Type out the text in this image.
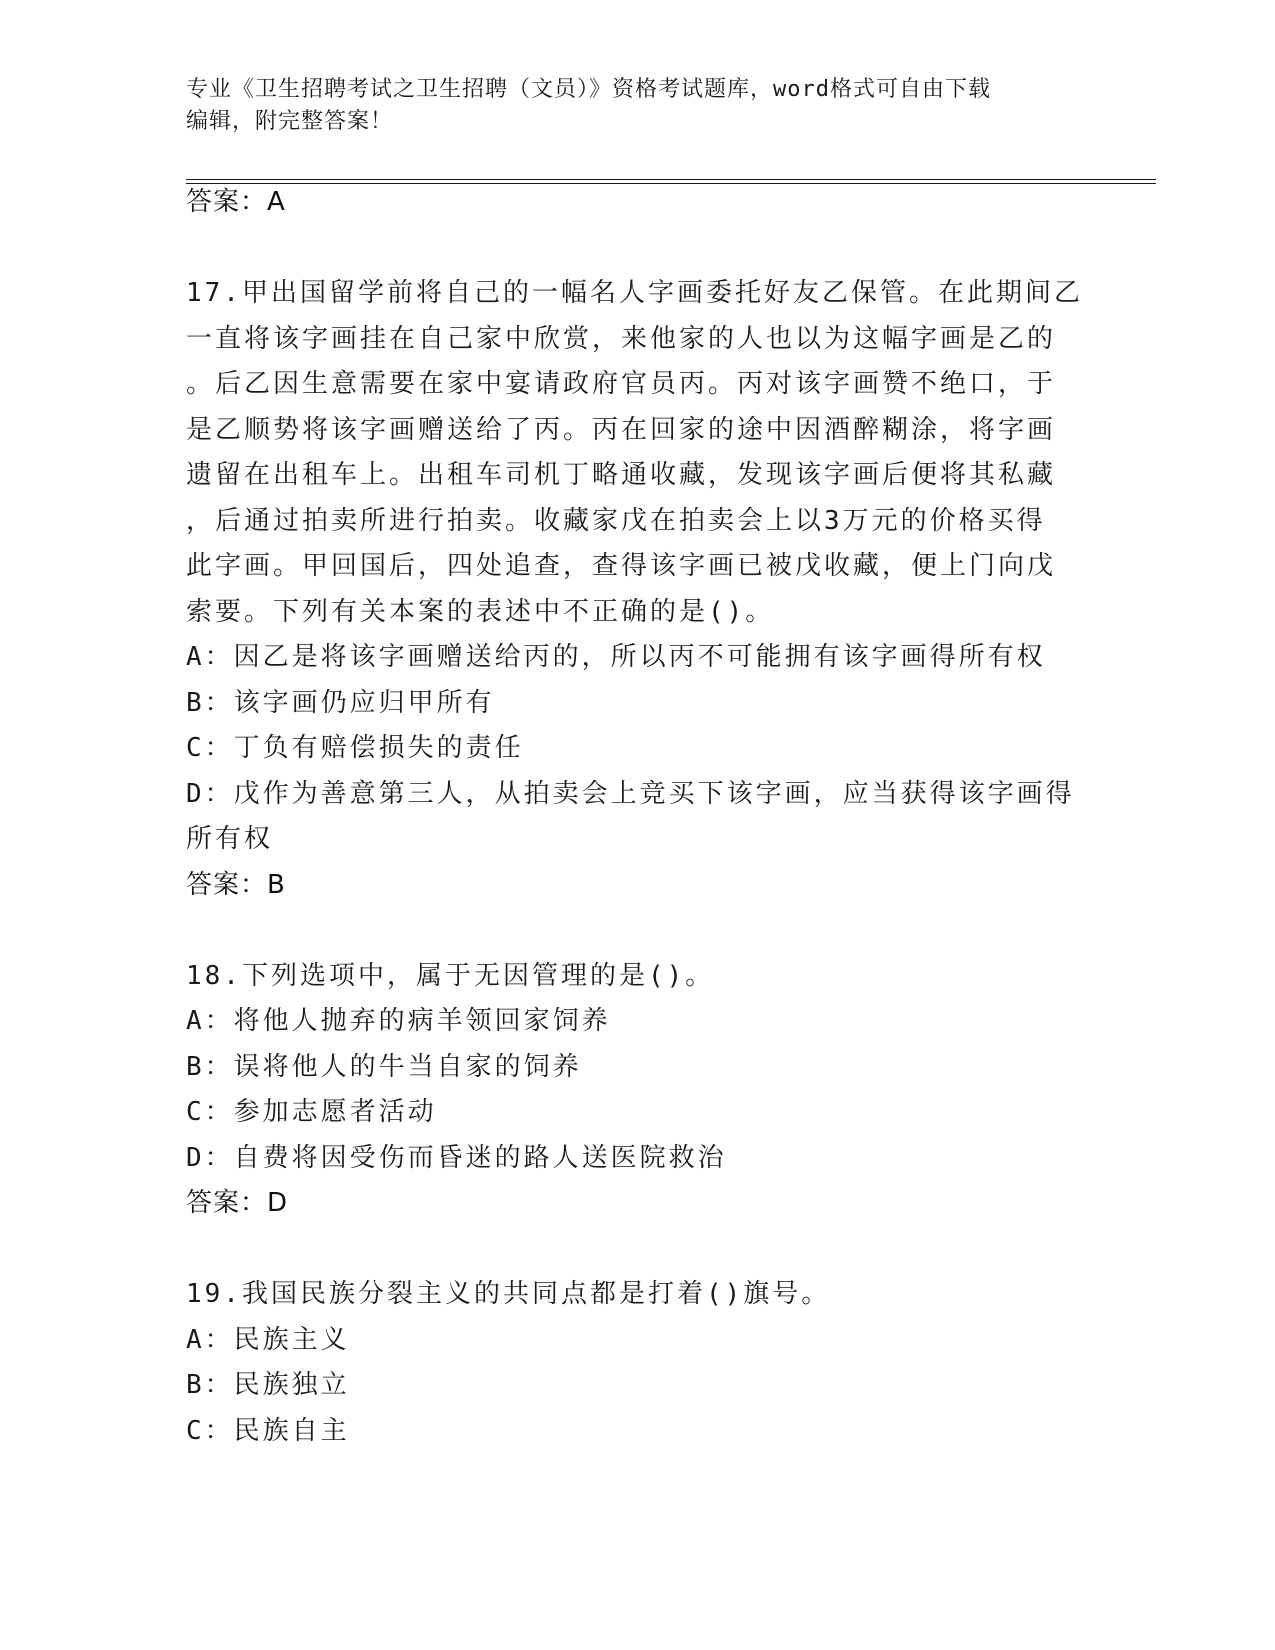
专业《卫生招聘考试之卫生招聘（文员）》资格考试题库，word格式可自由下载
编辑，附完整答案！
答案：A
17.甲出国留学前将自己的一幅名人字画委托好友乙保管。在此期间乙
一直将该字画挂在自己家中欣赏，来他家的人也以为这幅字画是乙的
。后乙因生意需要在家中宴请政府官员丙。丙对该字画赞不绝口，于
是乙顺势将该字画赠送给了丙。丙在回家的途中因酒醉糊涂，将字画
遗留在出租车上。出租车司机丁略通收藏，发现该字画后便将其私藏
，后通过拍卖所进行拍卖。收藏家戊在拍卖会上以3万元的价格买得
此字画。甲回国后，四处追查，查得该字画已被戊收藏，便上门向戊
索要。下列有关本案的表述中不正确的是()。
A：因乙是将该字画赠送给丙的，所以丙不可能拥有该字画得所有权
B：该字画仍应归甲所有
C：丁负有赔偿损失的责任
D：戊作为善意第三人，从拍卖会上竞买下该字画，应当获得该字画得
所有权
答案：B
18.下列选项中，属于无因管理的是()。
A：将他人抛弃的病羊领回家饲养
B：误将他人的牛当自家的饲养
C：参加志愿者活动
D：自费将因受伤而昏迷的路人送医院救治
答案：D
19.我国民族分裂主义的共同点都是打着()旗号。
A：民族主义
B：民族独立
C：民族自主
